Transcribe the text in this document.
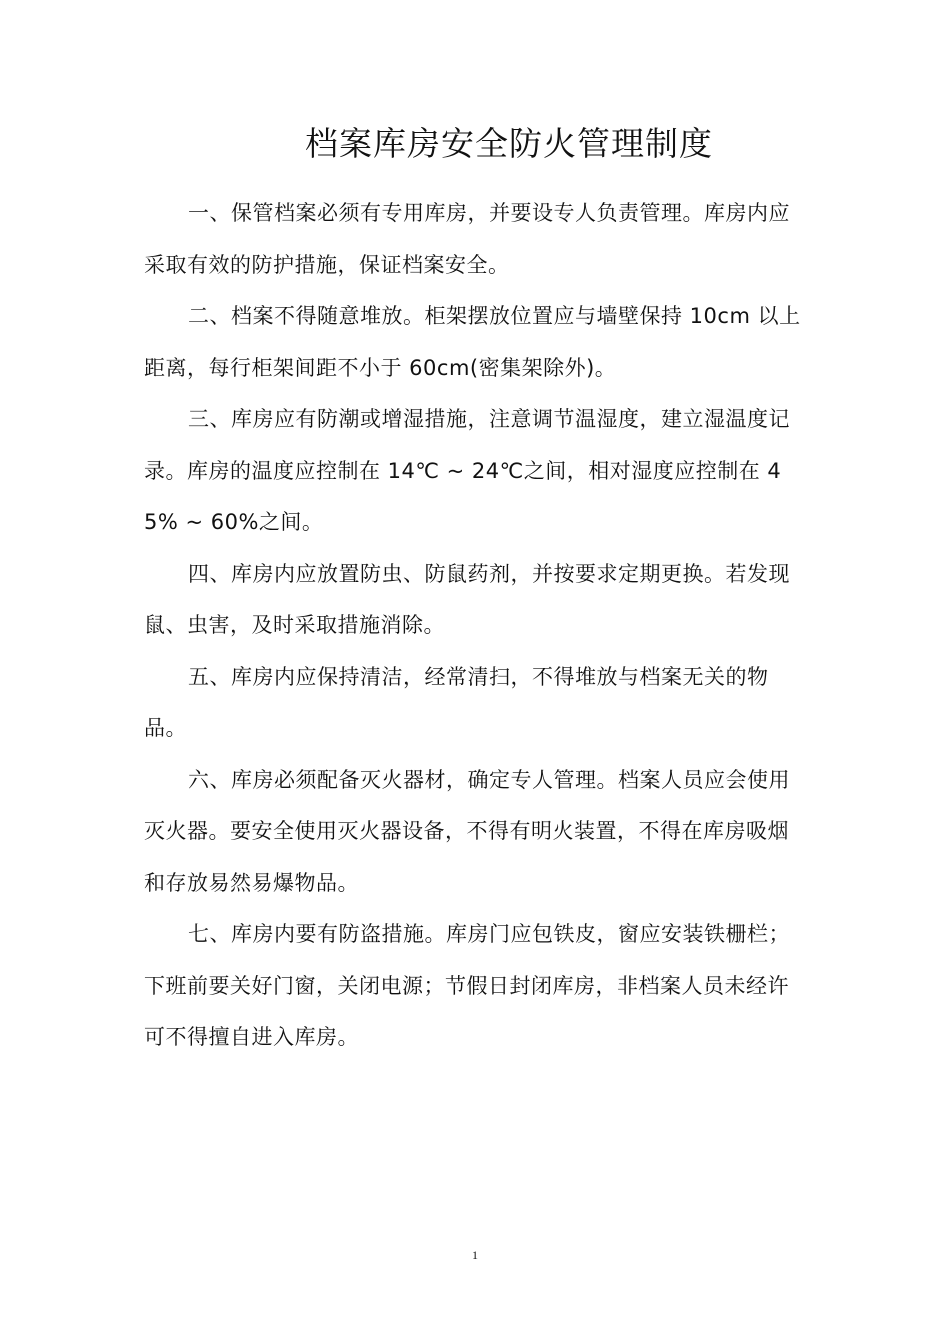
档案库房安全防火管理制度

一、保管档案必须有专用库房，并要设专人负责管理。库房内应采取有效的防护措施，保证档案安全。

二、档案不得随意堆放。柜架摆放位置应与墙壁保持 10cm 以上距离，每行柜架间距不小于 60cm(密集架除外)。

三、库房应有防潮或增湿措施，注意调节温湿度，建立湿温度记录。库房的温度应控制在 14℃ ~ 24℃之间，相对湿度应控制在 45% ~ 60%之间。

四、库房内应放置防虫、防鼠药剂，并按要求定期更换。若发现鼠、虫害，及时采取措施消除。

五、库房内应保持清洁，经常清扫，不得堆放与档案无关的物品。

六、库房必须配备灭火器材，确定专人管理。档案人员应会使用灭火器。要安全使用灭火器设备，不得有明火装置，不得在库房吸烟和存放易然易爆物品。

七、库房内要有防盗措施。库房门应包铁皮，窗应安装铁栅栏；下班前要关好门窗，关闭电源；节假日封闭库房，非档案人员未经许可不得擅自进入库房。

1
